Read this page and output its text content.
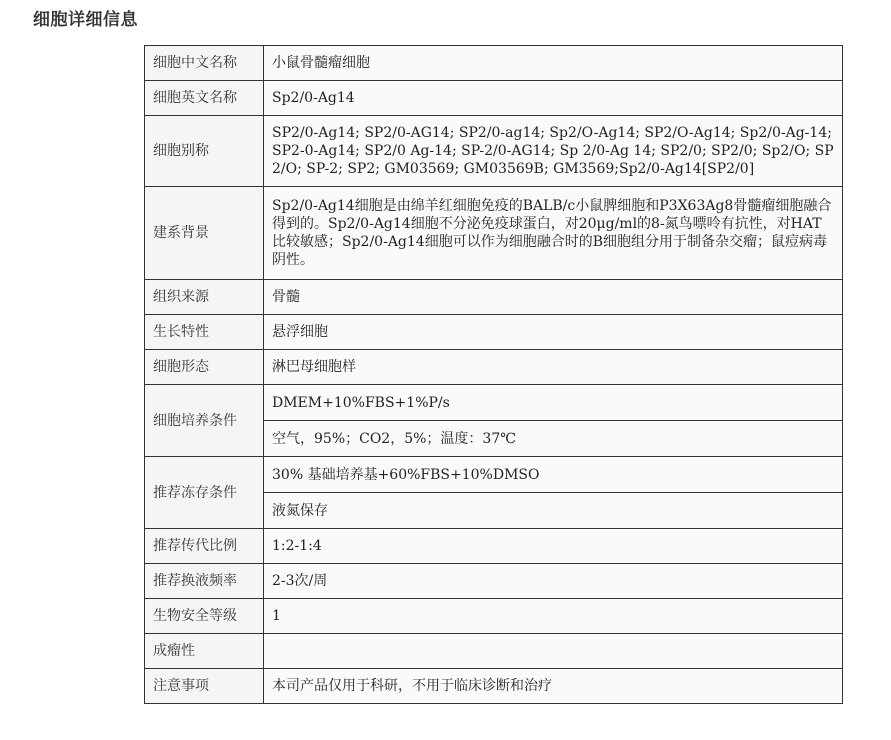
细胞详细信息
细胞中文名称	小鼠骨髓瘤细胞
细胞英文名称	Sp2/0-Ag14
细胞别称	SP2/0-Ag14; SP2/0-AG14; SP2/0-ag14; Sp2/O-Ag14; SP2/O-Ag14; Sp2/0-Ag-14; SP2-0-Ag14; SP2/0 Ag-14; SP-2/0-AG14; Sp 2/0-Ag 14; SP2/0; SP2/0; Sp2/O; SP2/O; SP-2; SP2; GM03569; GM03569B; GM3569;Sp2/0-Ag14[SP2/0]
建系背景	Sp2/0-Ag14细胞是由绵羊红细胞免疫的BALB/c小鼠脾细胞和P3X63Ag8骨髓瘤细胞融合得到的。Sp2/0-Ag14细胞不分泌免疫球蛋白，对20μg/ml的8-氮鸟嘌呤有抗性，对HAT比较敏感；Sp2/0-Ag14细胞可以作为细胞融合时的B细胞组分用于制备杂交瘤；鼠痘病毒阴性。
组织来源	骨髓
生长特性	悬浮细胞
细胞形态	淋巴母细胞样
细胞培养条件	DMEM+10%FBS+1%P/s
	空气，95%；CO2，5%；温度：37℃
推荐冻存条件	30% 基础培养基+60%FBS+10%DMSO
	液氮保存
推荐传代比例	1:2-1:4
推荐换液频率	2-3次/周
生物安全等级	1
成瘤性	
注意事项	本司产品仅用于科研，不用于临床诊断和治疗
